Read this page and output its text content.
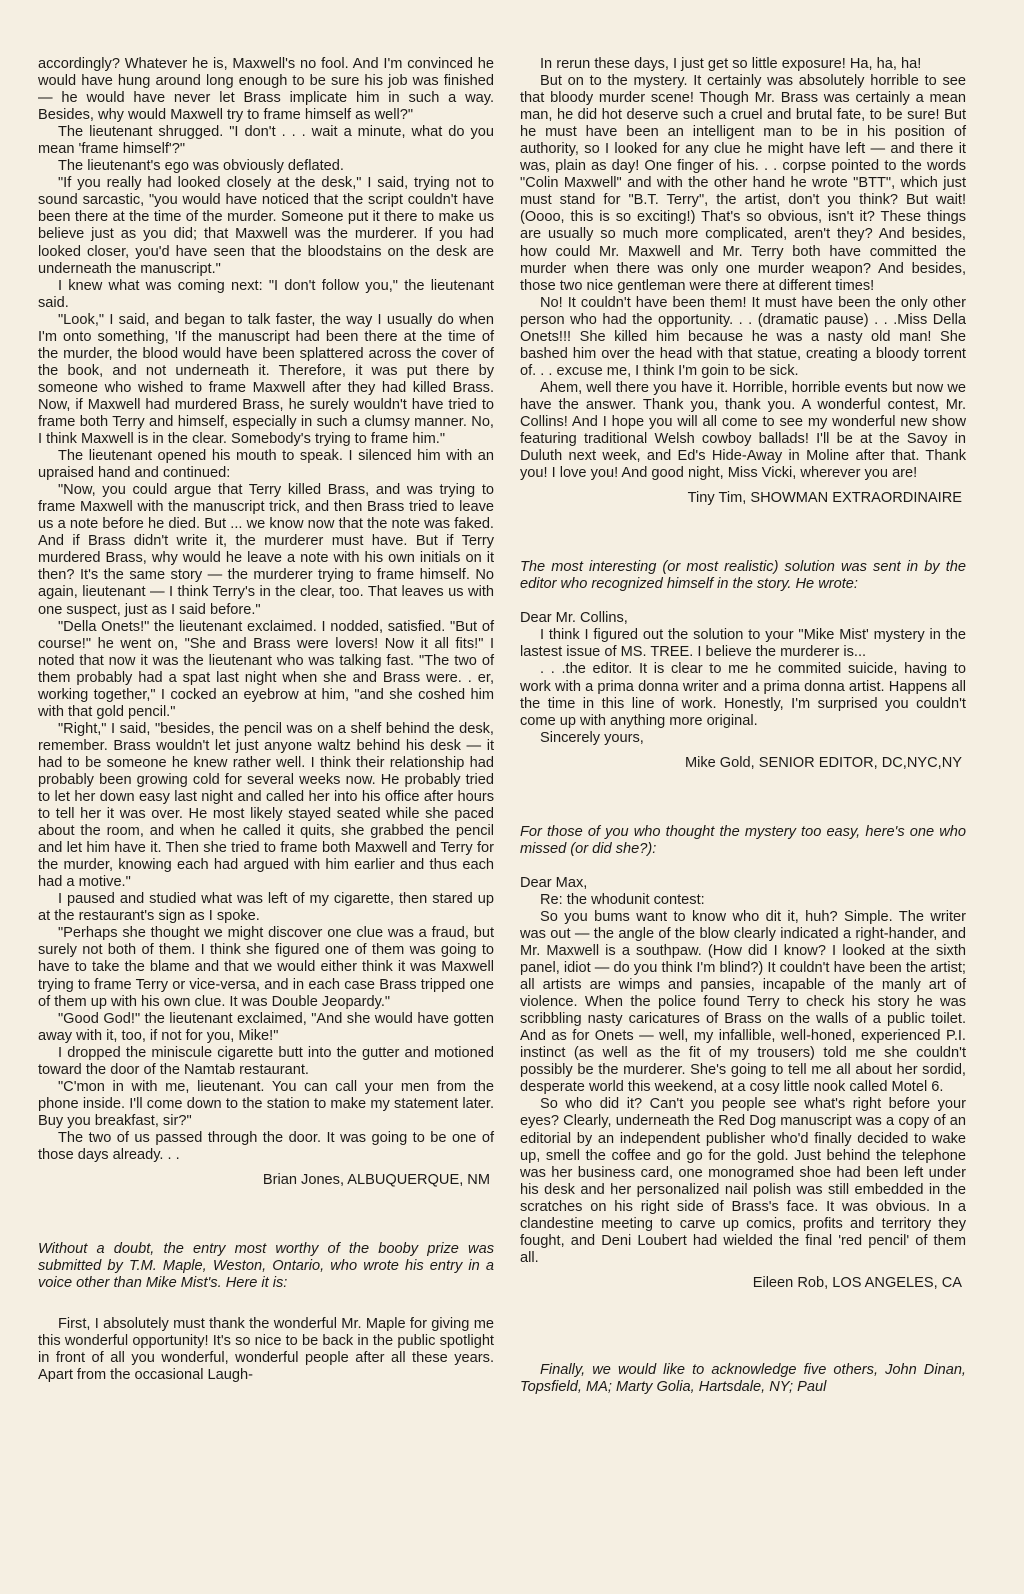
accordingly? Whatever he is, Maxwell's no fool. And I'm convinced he would have hung around long enough to be sure his job was finished — he would have never let Brass implicate him in such a way. Besides, why would Maxwell try to frame himself as well?"

The lieutenant shrugged. "I don't . . . wait a minute, what do you mean 'frame himself'?"

The lieutenant's ego was obviously deflated.

"If you really had looked closely at the desk," I said, trying not to sound sarcastic, "you would have noticed that the script couldn't have been there at the time of the murder. Someone put it there to make us believe just as you did; that Maxwell was the murderer. If you had looked closer, you'd have seen that the bloodstains on the desk are underneath the manuscript."

I knew what was coming next: "I don't follow you," the lieutenant said.

"Look," I said, and began to talk faster, the way I usually do when I'm onto something, 'If the manuscript had been there at the time of the murder, the blood would have been splattered across the cover of the book, and not underneath it. Therefore, it was put there by someone who wished to frame Maxwell after they had killed Brass. Now, if Maxwell had murdered Brass, he surely wouldn't have tried to frame both Terry and himself, especially in such a clumsy manner. No, I think Maxwell is in the clear. Somebody's trying to frame him."

The lieutenant opened his mouth to speak. I silenced him with an upraised hand and continued:

"Now, you could argue that Terry killed Brass, and was trying to frame Maxwell with the manuscript trick, and then Brass tried to leave us a note before he died. But ... we know now that the note was faked. And if Brass didn't write it, the murderer must have. But if Terry murdered Brass, why would he leave a note with his own initials on it then? It's the same story — the murderer trying to frame himself. No again, lieutenant — I think Terry's in the clear, too. That leaves us with one suspect, just as I said before."

"Della Onets!" the lieutenant exclaimed. I nodded, satisfied. "But of course!" he went on, "She and Brass were lovers! Now it all fits!" I noted that now it was the lieutenant who was talking fast. "The two of them probably had a spat last night when she and Brass were. . er, working together," I cocked an eyebrow at him, "and she coshed him with that gold pencil."

"Right," I said, "besides, the pencil was on a shelf behind the desk, remember. Brass wouldn't let just anyone waltz behind his desk — it had to be someone he knew rather well. I think their relationship had probably been growing cold for several weeks now. He probably tried to let her down easy last night and called her into his office after hours to tell her it was over. He most likely stayed seated while she paced about the room, and when he called it quits, she grabbed the pencil and let him have it. Then she tried to frame both Maxwell and Terry for the murder, knowing each had argued with him earlier and thus each had a motive."

I paused and studied what was left of my cigarette, then stared up at the restaurant's sign as I spoke.

"Perhaps she thought we might discover one clue was a fraud, but surely not both of them. I think she figured one of them was going to have to take the blame and that we would either think it was Maxwell trying to frame Terry or vice-versa, and in each case Brass tripped one of them up with his own clue. It was Double Jeopardy."

"Good God!" the lieutenant exclaimed, "And she would have gotten away with it, too, if not for you, Mike!"

I dropped the miniscule cigarette butt into the gutter and motioned toward the door of the Namtab restaurant.

"C'mon in with me, lieutenant. You can call your men from the phone inside. I'll come down to the station to make my statement later. Buy you breakfast, sir?"

The two of us passed through the door. It was going to be one of those days already. . .

Brian Jones, ALBUQUERQUE, NM

Without a doubt, the entry most worthy of the booby prize was submitted by T.M. Maple, Weston, Ontario, who wrote his entry in a voice other than Mike Mist's. Here it is:

First, I absolutely must thank the wonderful Mr. Maple for giving me this wonderful opportunity! It's so nice to be back in the public spotlight in front of all you wonderful, wonderful people after all these years. Apart from the occasional Laugh-

In rerun these days, I just get so little exposure! Ha, ha, ha!

But on to the mystery. It certainly was absolutely horrible to see that bloody murder scene! Though Mr. Brass was certainly a mean man, he did hot deserve such a cruel and brutal fate, to be sure! But he must have been an intelligent man to be in his position of authority, so I looked for any clue he might have left — and there it was, plain as day! One finger of his. . . corpse pointed to the words "Colin Maxwell" and with the other hand he wrote "BTT", which just must stand for "B.T. Terry", the artist, don't you think? But wait! (Oooo, this is so exciting!) That's so obvious, isn't it? These things are usually so much more complicated, aren't they? And besides, how could Mr. Maxwell and Mr. Terry both have committed the murder when there was only one murder weapon? And besides, those two nice gentleman were there at different times!

No! It couldn't have been them! It must have been the only other person who had the opportunity. . . (dramatic pause) . . .Miss Della Onets!!! She killed him because he was a nasty old man! She bashed him over the head with that statue, creating a bloody torrent of. . . excuse me, I think I'm goin to be sick.

Ahem, well there you have it. Horrible, horrible events but now we have the answer. Thank you, thank you. A wonderful contest, Mr. Collins! And I hope you will all come to see my wonderful new show featuring traditional Welsh cowboy ballads! I'll be at the Savoy in Duluth next week, and Ed's Hide-Away in Moline after that. Thank you! I love you! And good night, Miss Vicki, wherever you are!

Tiny Tim, SHOWMAN EXTRAORDINAIRE

The most interesting (or most realistic) solution was sent in by the editor who recognized himself in the story. He wrote:

Dear Mr. Collins,

I think I figured out the solution to your "Mike Mist' mystery in the lastest issue of MS. TREE. I believe the murderer is...

. . .the editor. It is clear to me he commited suicide, having to work with a prima donna writer and a prima donna artist. Happens all the time in this line of work. Honestly, I'm surprised you couldn't come up with anything more original.

Sincerely yours,

Mike Gold, SENIOR EDITOR, DC,NYC,NY

For those of you who thought the mystery too easy, here's one who missed (or did she?):

Dear Max,

Re: the whodunit contest:

So you bums want to know who dit it, huh? Simple. The writer was out — the angle of the blow clearly indicated a right-hander, and Mr. Maxwell is a southpaw. (How did I know? I looked at the sixth panel, idiot — do you think I'm blind?) It couldn't have been the artist; all artists are wimps and pansies, incapable of the manly art of violence. When the police found Terry to check his story he was scribbling nasty caricatures of Brass on the walls of a public toilet. And as for Onets — well, my infallible, well-honed, experienced P.I. instinct (as well as the fit of my trousers) told me she couldn't possibly be the murderer. She's going to tell me all about her sordid, desperate world this weekend, at a cosy little nook called Motel 6.

So who did it? Can't you people see what's right before your eyes? Clearly, underneath the Red Dog manuscript was a copy of an editorial by an independent publisher who'd finally decided to wake up, smell the coffee and go for the gold. Just behind the telephone was her business card, one monogramed shoe had been left under his desk and her personalized nail polish was still embedded in the scratches on his right side of Brass's face. It was obvious. In a clandestine meeting to carve up comics, profits and territory they fought, and Deni Loubert had wielded the final 'red pencil' of them all.

Eileen Rob, LOS ANGELES, CA

Finally, we would like to acknowledge five others, John Dinan, Topsfield, MA; Marty Golia, Hartsdale, NY; Paul
